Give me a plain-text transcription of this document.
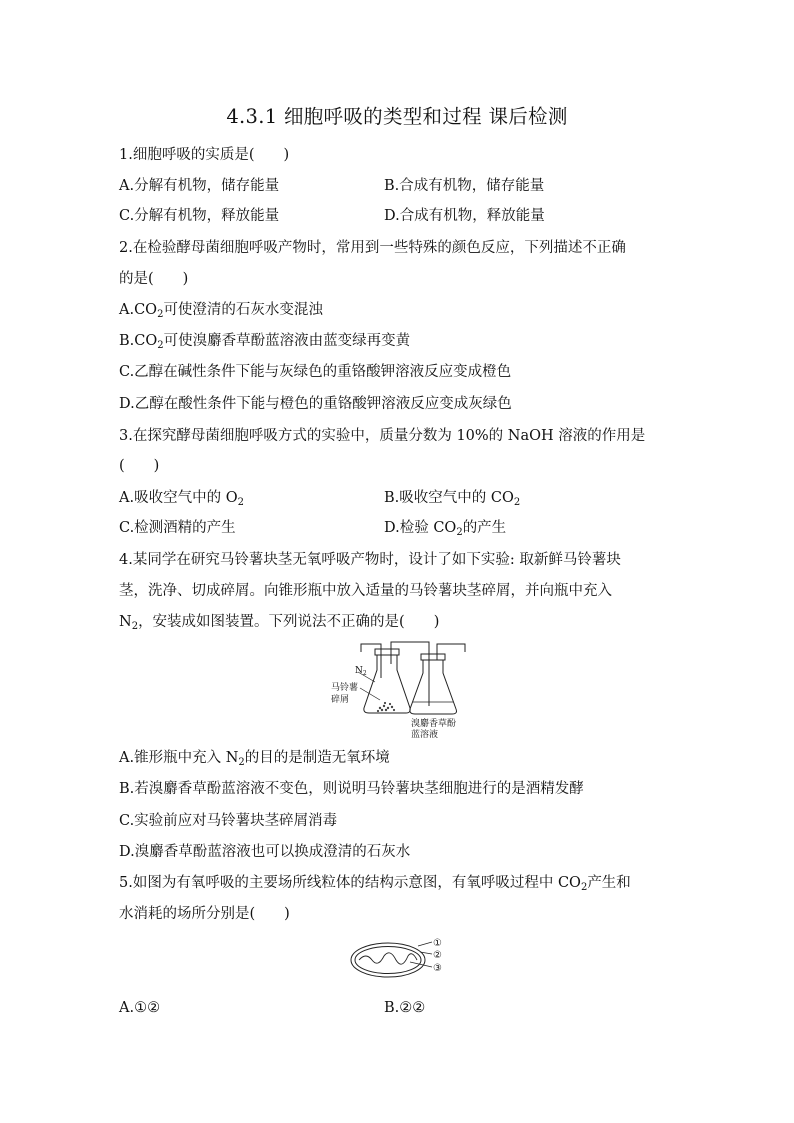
4.3.1 细胞呼吸的类型和过程 课后检测
1.细胞呼吸的实质是(　　)
A.分解有机物，储存能量	B.合成有机物，储存能量
C.分解有机物，释放能量	D.合成有机物，释放能量
2.在检验酵母菌细胞呼吸产物时，常用到一些特殊的颜色反应，下列描述不正确
的是(　　)
$A.CO_2$可使澄清的石灰水变混浊
$B.CO_2$可使溴麝香草酚蓝溶液由蓝变绿再变黄
C.乙醇在碱性条件下能与灰绿色的重铬酸钾溶液反应变成橙色
D.乙醇在酸性条件下能与橙色的重铬酸钾溶液反应变成灰绿色
3.在探究酵母菌细胞呼吸方式的实验中，质量分数为 10%的 NaOH 溶液的作用是
(　　)
A.吸收空气中的 $O_2$	B.吸收空气中的 $CO_2$
C.检测酒精的产生	D.检验 $CO_2$的产生
4.某同学在研究马铃薯块茎无氧呼吸产物时，设计了如下实验: 取新鲜马铃薯块
茎，洗净、切成碎屑。向锥形瓶中放入适量的马铃薯块茎碎屑，并向瓶中充入
$N_2$，安装成如图装置。下列说法不正确的是(　　)
$N_2$
马铃薯
碎屑
溴麝香草酚
蓝溶液
A.锥形瓶中充入 $N_2$的目的是制造无氧环境
B.若溴麝香草酚蓝溶液不变色，则说明马铃薯块茎细胞进行的是酒精发酵
C.实验前应对马铃薯块茎碎屑消毒
D.溴麝香草酚蓝溶液也可以换成澄清的石灰水
5.如图为有氧呼吸的主要场所线粒体的结构示意图，有氧呼吸过程中 $CO_2$产生和
水消耗的场所分别是(　　)
①
②
③
A.①②	B.②②
